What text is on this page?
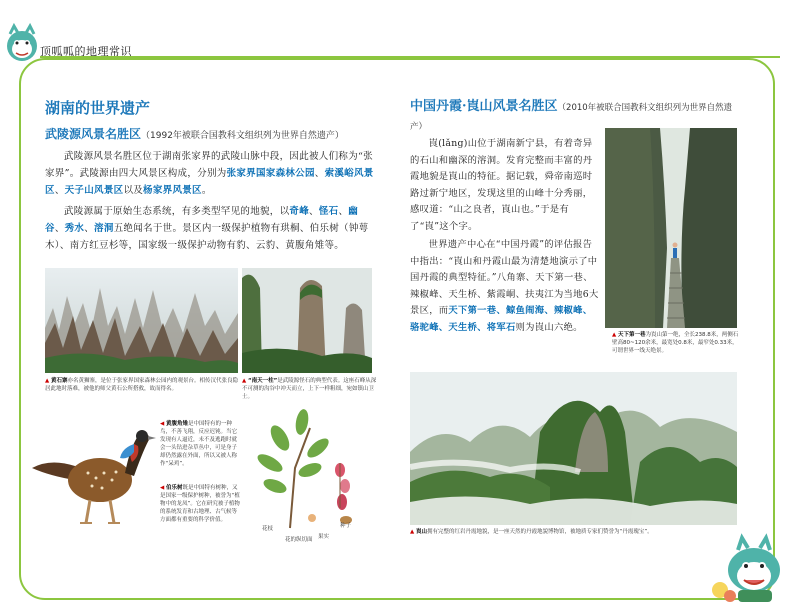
顶呱呱的地理常识
湖南的世界遗产
武陵源风景名胜区（1992年被联合国教科文组织列为世界自然遗产）

武陵源风景名胜区位于湖南张家界的武陵山脉中段，因此被人们称为“张家界”。武陵源由四大风景区构成，分别为张家界国家森林公园、索溪峪风景区、天子山风景区以及杨家界风景区。

武陵源属于原始生态系统，有多类型罕见的地貌，以奇峰、怪石、幽谷、秀水、溶洞五绝闻名于世。景区内一级保护植物有珙桐、伯乐树（钟萼木）、南方红豆杉等，国家级一级保护动物有豹、云豹、黄腹角雉等。

▲ 黄石寨亦名黄狮寨，是位于张家界国家森林公园内的观景台。相传汉代张良隐居此地时落难，被他的师父黄石公所搭救，故而得名。
▲ “南天一柱”是武陵源怪石的典型代表。这座石峰从深不可测的沟谷中冲天而立，上下一样粗细，宛如镇山卫士。
◀ 黄腹角雉是中国特有的一种鸟，不善飞翔，反应迟钝。当它发现有人逼近，未不及逃跑时就会一头钻进杂草丛中，可是身子却仍然露在外面，所以又被人称作“呆鸡”。
◀ 伯乐树既是中国特有树种，又是国家一级保护树种，被誉为“植物中的龙凤”。它在研究被子植物的系统发育和古地理、古气候等方面都有重要的科学价值。
花枝
花的纵切面 果实
种子
中国丹霞·崀山风景名胜区（2010年被联合国教科文组织列为世界自然遗产）

崀(lǎng)山位于湖南新宁县，有着奇异的石山和幽深的溶洞。发育完整而丰富的丹霞地貌是崀山的特征。据记载，舜帝南巡时路过新宁地区，发现这里的山峰十分秀丽，感叹道：“山之良者，崀山也。”于是有了“崀”这个字。

世界遗产中心在“中国丹霞”的评估报告中指出：“崀山和丹霞山最为清楚地演示了中国丹霞的典型特征。”八角寨、天下第一巷、辣椒峰、天生桥、紫霞峒、扶夷江为当地6大景区，而天下第一巷、鲸鱼闹海、辣椒峰、骆驼峰、天生桥、将军石则为崀山六绝。

▲ 天下第一巷为崀山第一绝，全长238.8米，两侧石壁高80~120余米，最宽处0.8米，最窄处0.33米，可谓世界一线天绝景。
▲ 崀山拥有完整的红岩丹霞地貌，是一座天然的丹霞地貌博物馆，被地质专家们赞誉为“丹霞瑰宝”。
